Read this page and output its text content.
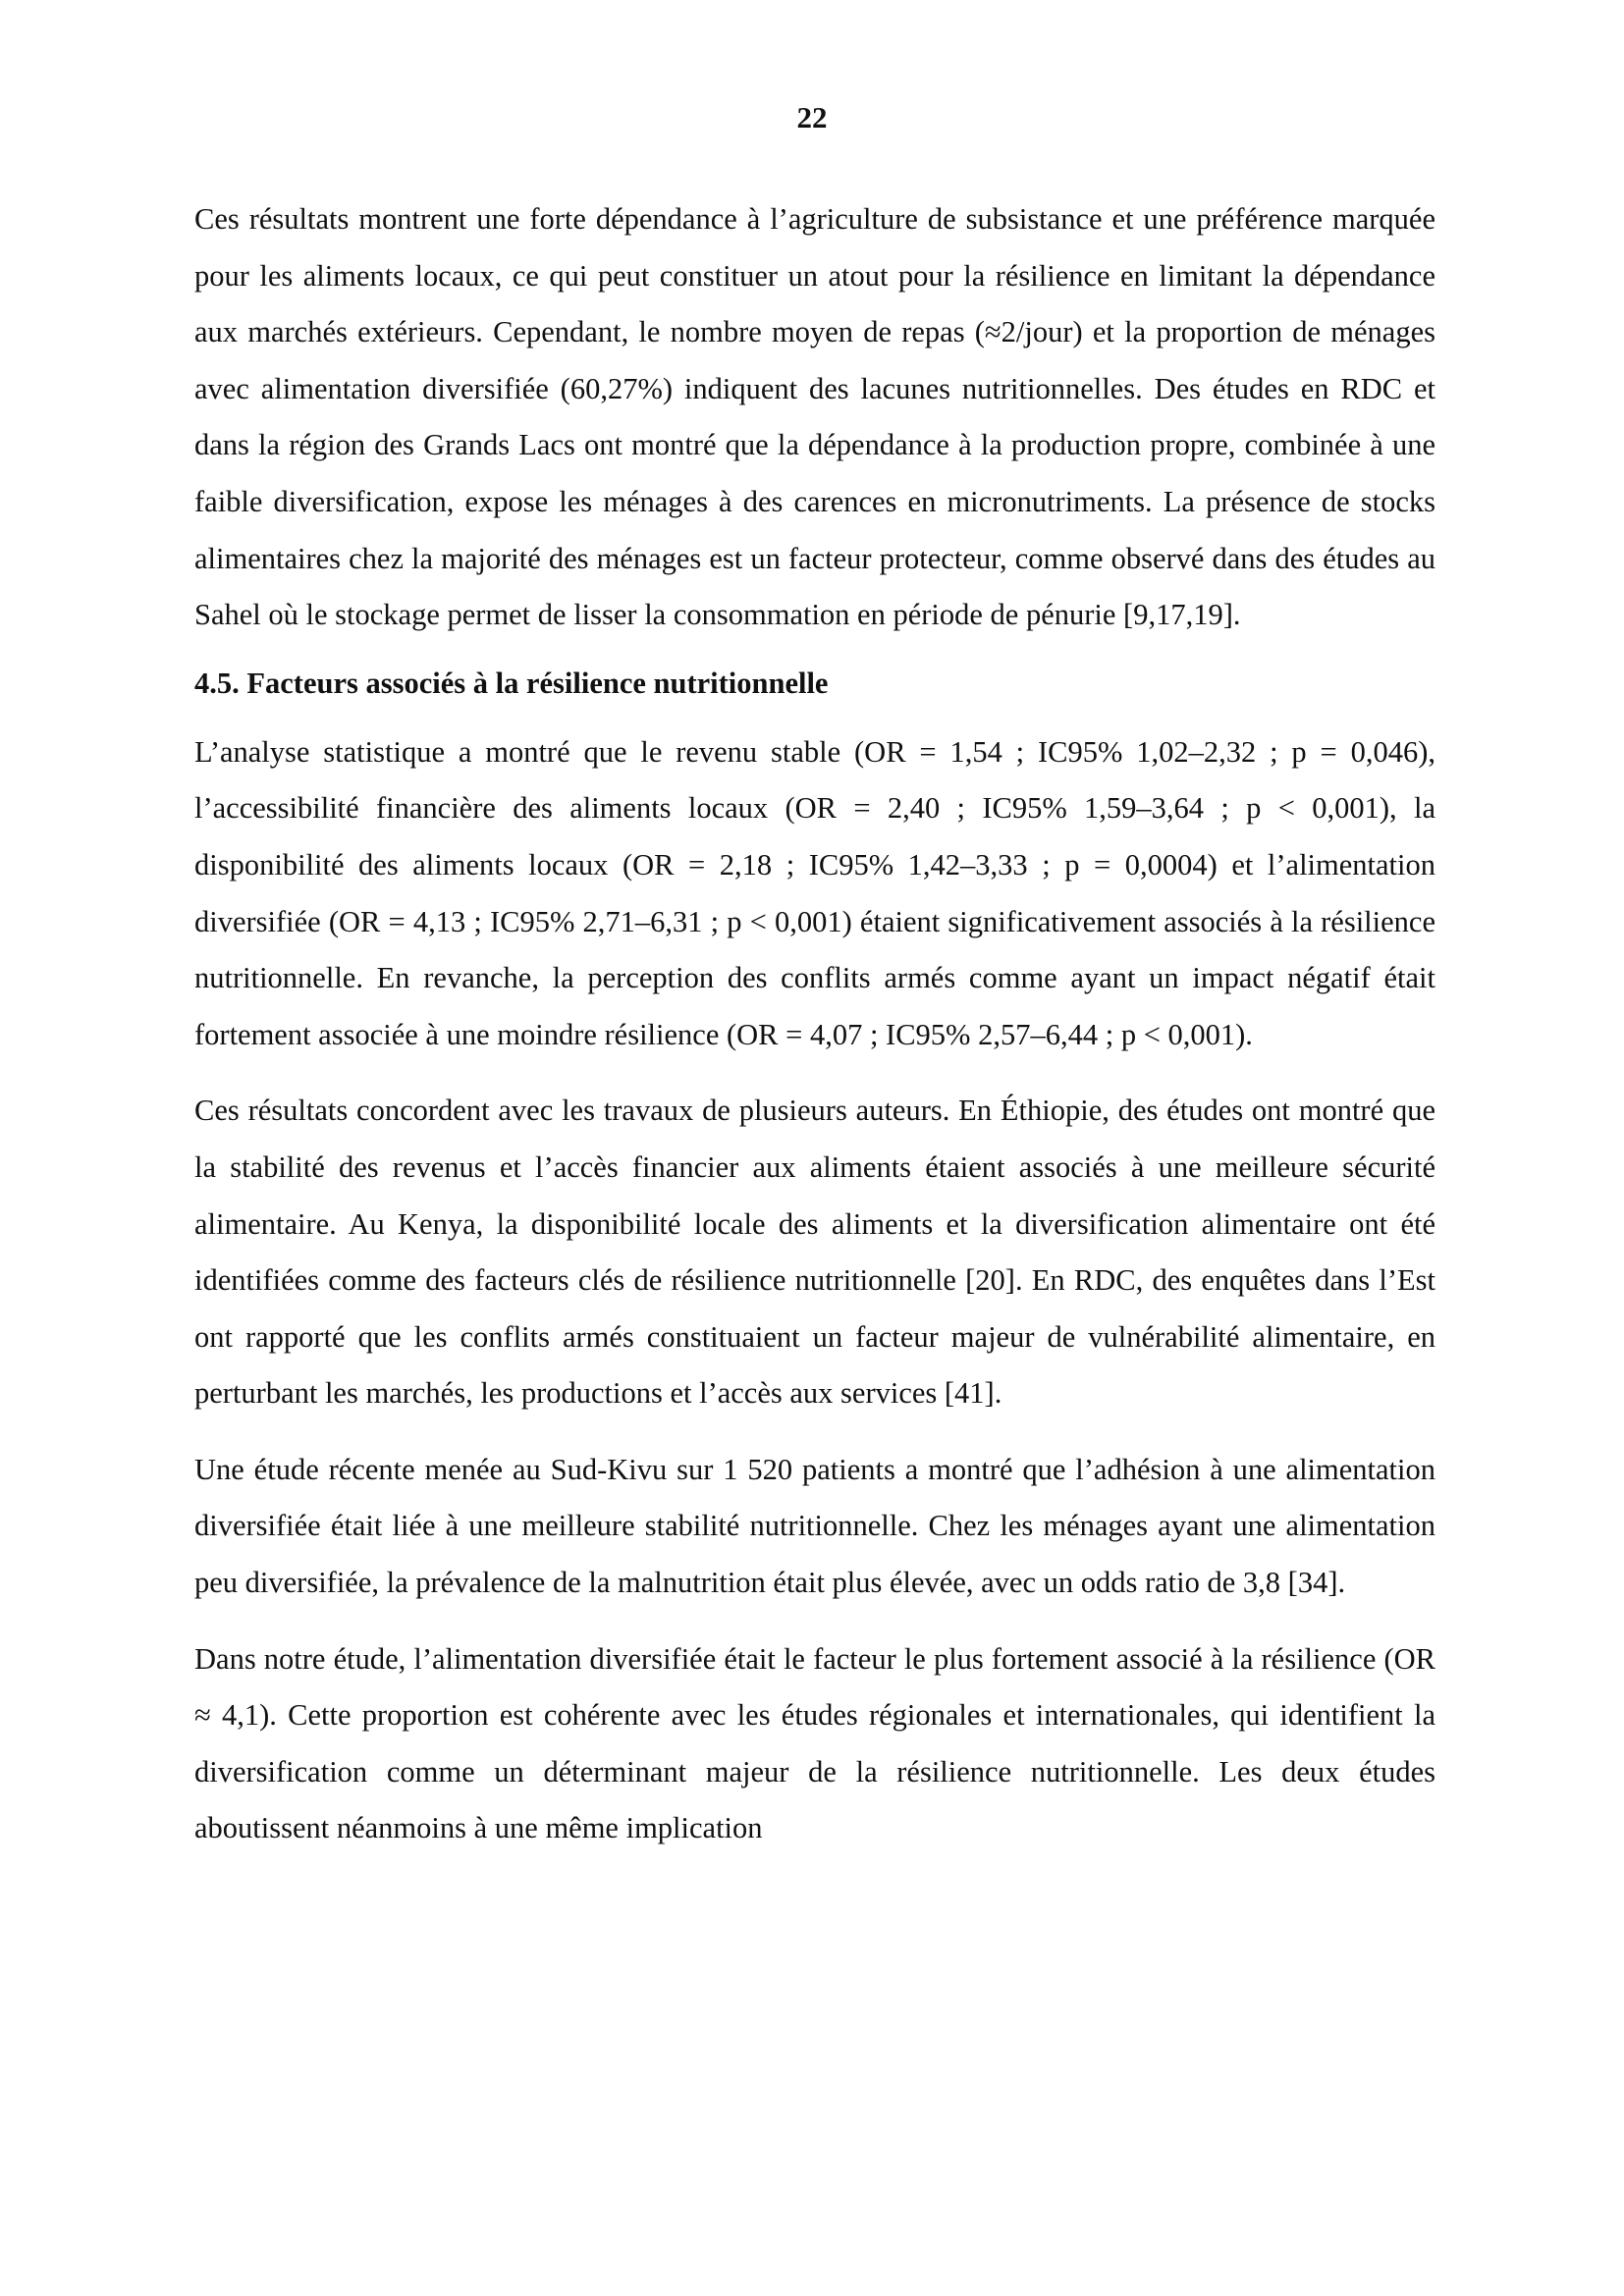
22

Ces résultats montrent une forte dépendance à l’agriculture de subsistance et une préférence marquée pour les aliments locaux, ce qui peut constituer un atout pour la résilience en limitant la dépendance aux marchés extérieurs. Cependant, le nombre moyen de repas (≈2/jour) et la proportion de ménages avec alimentation diversifiée (60,27%) indiquent des lacunes nutritionnelles. Des études en RDC et dans la région des Grands Lacs ont montré que la dépendance à la production propre, combinée à une faible diversification, expose les ménages à des carences en micronutriments. La présence de stocks alimentaires chez la majorité des ménages est un facteur protecteur, comme observé dans des études au Sahel où le stockage permet de lisser la consommation en période de pénurie [9,17,19].

4.5. Facteurs associés à la résilience nutritionnelle

L’analyse statistique a montré que le revenu stable (OR = 1,54 ; IC95% 1,02–2,32 ; p = 0,046), l’accessibilité financière des aliments locaux (OR = 2,40 ; IC95% 1,59–3,64 ; p < 0,001), la disponibilité des aliments locaux (OR = 2,18 ; IC95% 1,42–3,33 ; p = 0,0004) et l’alimentation diversifiée (OR = 4,13 ; IC95% 2,71–6,31 ; p < 0,001) étaient significativement associés à la résilience nutritionnelle. En revanche, la perception des conflits armés comme ayant un impact négatif était fortement associée à une moindre résilience (OR = 4,07 ; IC95% 2,57–6,44 ; p < 0,001).

Ces résultats concordent avec les travaux de plusieurs auteurs. En Éthiopie, des études ont montré que la stabilité des revenus et l’accès financier aux aliments étaient associés à une meilleure sécurité alimentaire. Au Kenya, la disponibilité locale des aliments et la diversification alimentaire ont été identifiées comme des facteurs clés de résilience nutritionnelle [20]. En RDC, des enquêtes dans l’Est ont rapporté que les conflits armés constituaient un facteur majeur de vulnérabilité alimentaire, en perturbant les marchés, les productions et l’accès aux services [41].

Une étude récente menée au Sud-Kivu sur 1 520 patients a montré que l’adhésion à une alimentation diversifiée était liée à une meilleure stabilité nutritionnelle. Chez les ménages ayant une alimentation peu diversifiée, la prévalence de la malnutrition était plus élevée, avec un odds ratio de 3,8 [34].

Dans notre étude, l’alimentation diversifiée était le facteur le plus fortement associé à la résilience (OR ≈ 4,1). Cette proportion est cohérente avec les études régionales et internationales, qui identifient la diversification comme un déterminant majeur de la résilience nutritionnelle. Les deux études aboutissent néanmoins à une même implication
